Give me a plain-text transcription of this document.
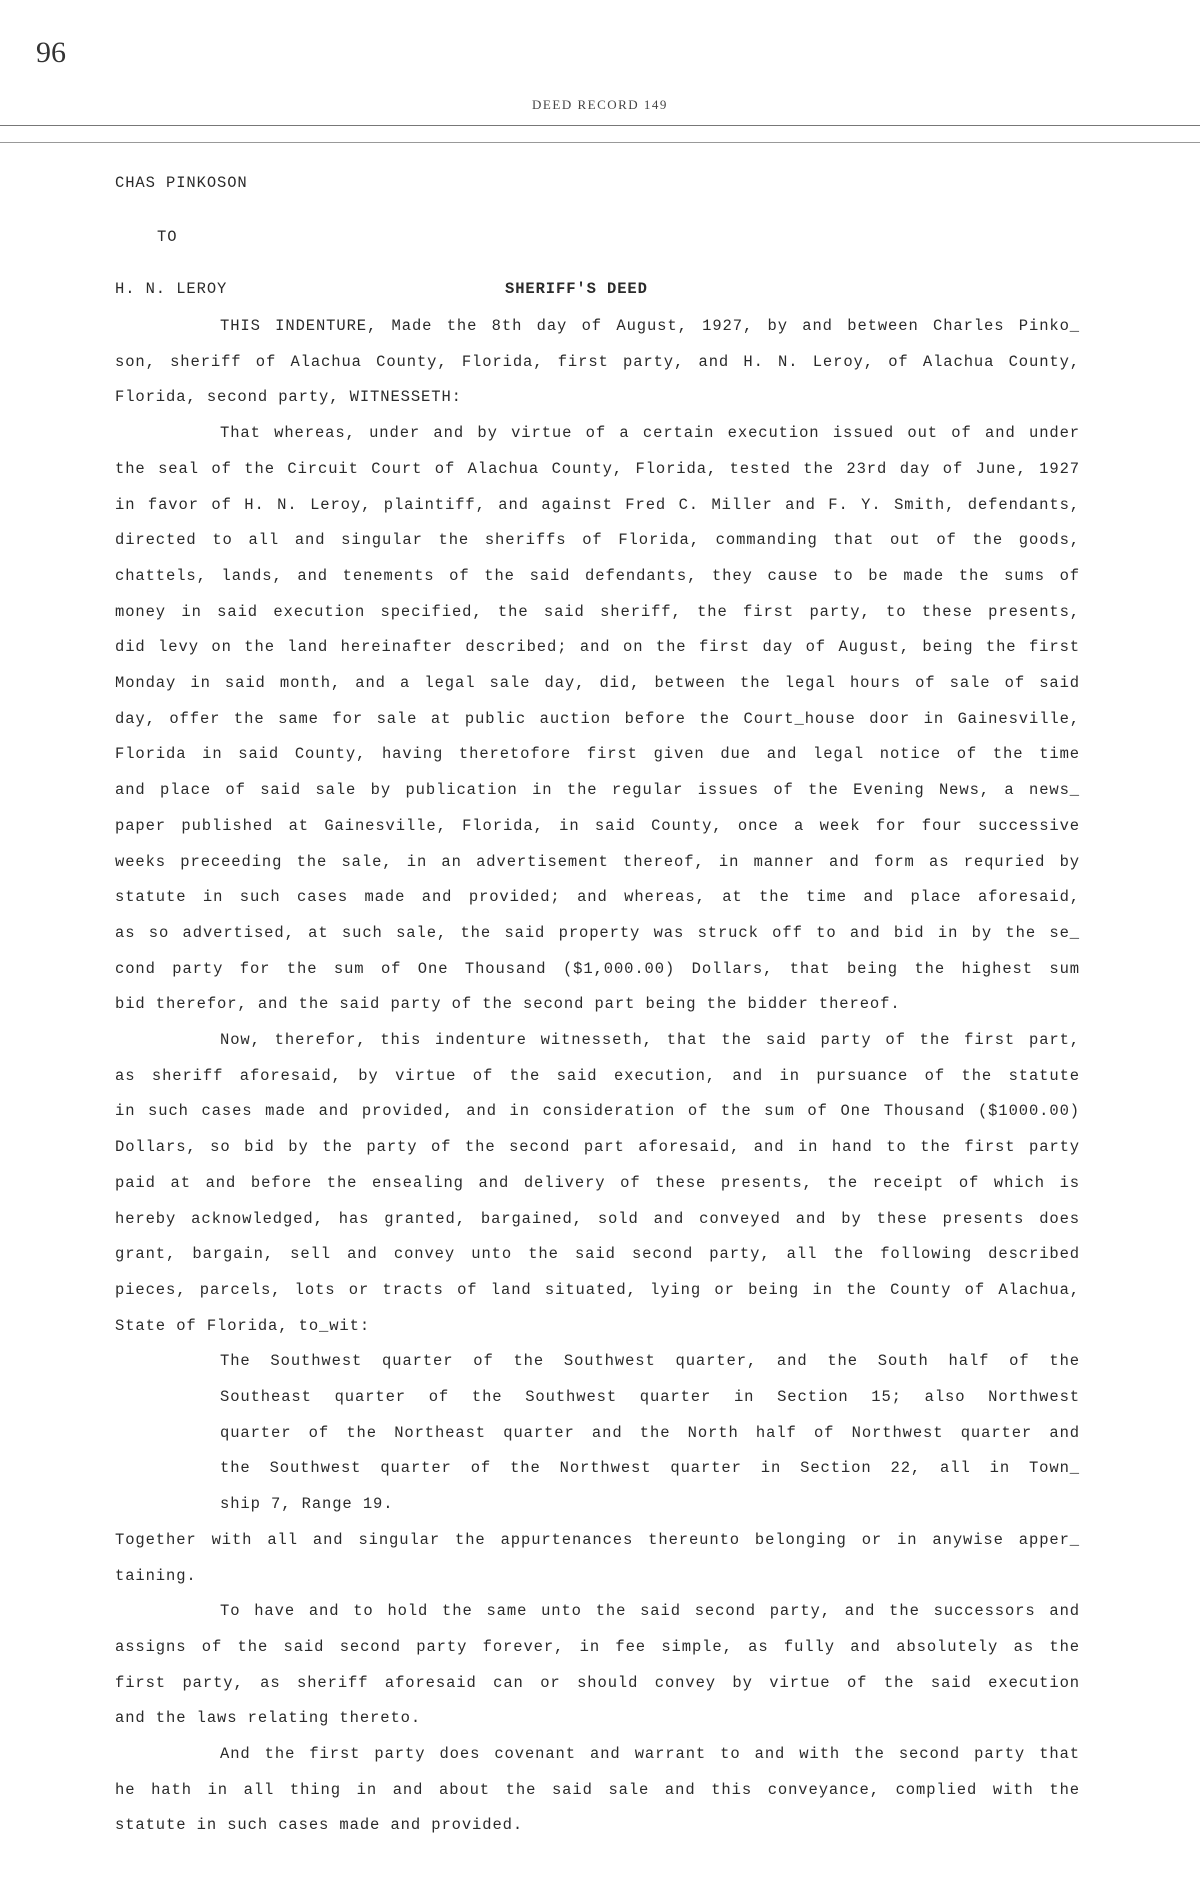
96
DEED RECORD 149
CHAS PINKOSON
TO
H. N. LEROY	SHERIFF'S DEED
THIS INDENTURE, Made the 8th day of August, 1927, by and between Charles Pinko_
son, sheriff of Alachua County, Florida, first party, and H. N. Leroy, of Alachua County,
Florida, second party, WITNESSETH:
That whereas, under and by virtue of a certain execution issued out of and under
the seal of the Circuit Court of Alachua County, Florida, tested the 23rd day of June, 1927
in favor of H. N. Leroy, plaintiff, and against Fred C. Miller and F. Y. Smith, defendants,
directed to all and singular the sheriffs of Florida, commanding that out of the goods,
chattels, lands, and tenements of the said defendants, they cause to be made the sums of
money in said execution specified, the said sheriff, the first party, to these presents,
did levy on the land hereinafter described; and on the first day of August, being the first
Monday in said month, and a legal sale day, did, between the legal hours of sale of said
day, offer the same for sale at public auction before the Court_house door in Gainesville,
Florida in said County, having theretofore first given due and legal notice of the time
and place of said sale by publication in the regular issues of the Evening News, a news_
paper published at Gainesville, Florida, in said County, once a week for four successive
weeks preceeding the sale, in an advertisement thereof, in manner and form as requried by
statute in such cases made and provided; and whereas, at the time and place aforesaid,
as so advertised, at such sale, the said property was struck off to and bid in by the se_
cond party for the sum of One Thousand ($1,000.00) Dollars, that being the highest sum
bid therefor, and the said party of the second part being the bidder thereof.
Now, therefor, this indenture witnesseth, that the said party of the first part,
as sheriff aforesaid, by virtue of the said execution, and in pursuance of the statute
in such cases made and provided, and in consideration of the sum of One Thousand ($1000.00)
Dollars, so bid by the party of the second part aforesaid, and in hand to the first party
paid at and before the ensealing and delivery of these presents, the receipt of which is
hereby acknowledged, has granted, bargained, sold and conveyed and by these presents does
grant, bargain, sell and convey unto the said second party, all the following described
pieces, parcels, lots or tracts of land situated, lying or being in the County of Alachua,
State of Florida, to_wit:
The Southwest quarter of the Southwest quarter, and the South half of the
Southeast quarter of the Southwest quarter in Section 15; also Northwest
quarter of the Northeast quarter and the North half of Northwest quarter and
the Southwest quarter of the Northwest quarter in Section 22, all in Town_
ship 7, Range 19.
Together with all and singular the appurtenances thereunto belonging or in anywise apper_
taining.
To have and to hold the same unto the said second party, and the successors and
assigns of the said second party forever, in fee simple, as fully and absolutely as the
first party, as sheriff aforesaid can or should convey by virtue of the said execution
and the laws relating thereto.
And the first party does covenant and warrant to and with the second party that
he hath in all thing in and about the said sale and this conveyance, complied with the
statute in such cases made and provided.
